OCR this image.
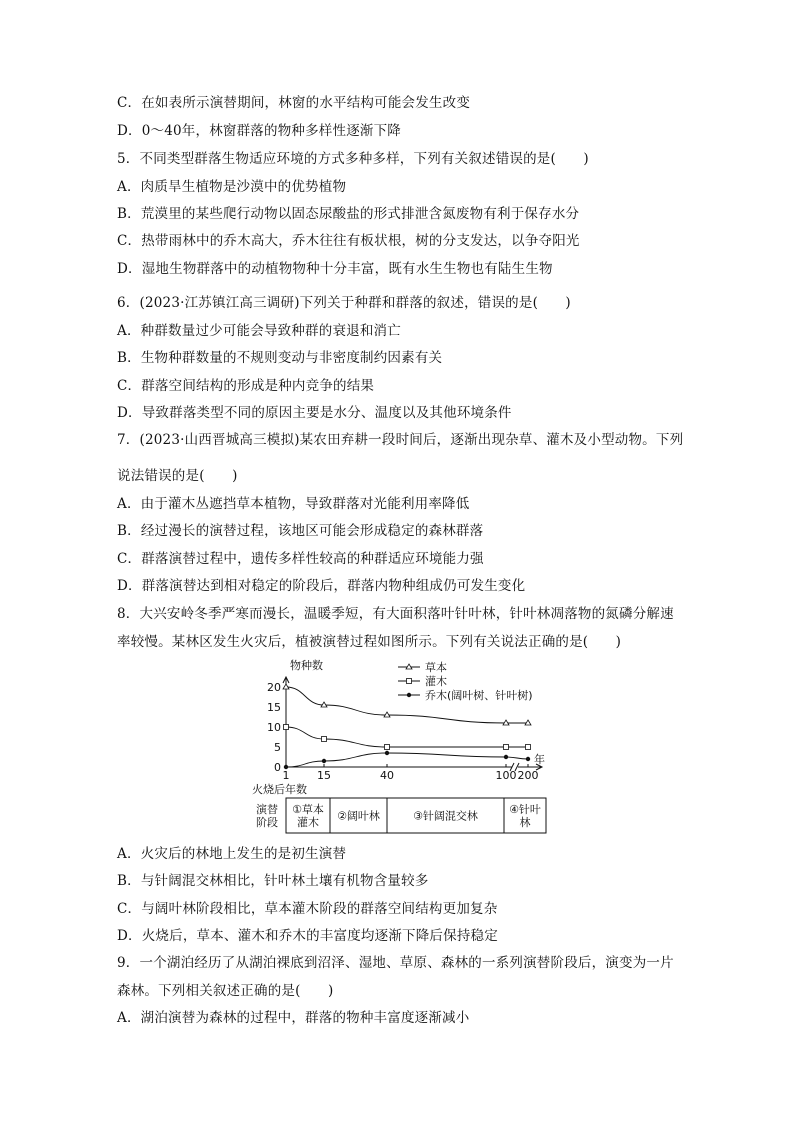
C．在如表所示演替期间，林窗的水平结构可能会发生改变
D．0～40年，林窗群落的物种多样性逐渐下降
5．不同类型群落生物适应环境的方式多种多样，下列有关叙述错误的是(　　)
A．肉质旱生植物是沙漠中的优势植物
B．荒漠里的某些爬行动物以固态尿酸盐的形式排泄含氮废物有利于保存水分
C．热带雨林中的乔木高大，乔木往往有板状根，树的分支发达，以争夺阳光
D．湿地生物群落中的动植物物种十分丰富，既有水生生物也有陆生生物
6．(2023·江苏镇江高三调研)下列关于种群和群落的叙述，错误的是(　　)
A．种群数量过少可能会导致种群的衰退和消亡
B．生物种群数量的不规则变动与非密度制约因素有关
C．群落空间结构的形成是种内竞争的结果
D．导致群落类型不同的原因主要是水分、温度以及其他环境条件
7．(2023·山西晋城高三模拟)某农田弃耕一段时间后，逐渐出现杂草、灌木及小型动物。下列
说法错误的是(　　)
A．由于灌木丛遮挡草本植物，导致群落对光能利用率降低
B．经过漫长的演替过程，该地区可能会形成稳定的森林群落
C．群落演替过程中，遗传多样性较高的种群适应环境能力强
D．群落演替达到相对稳定的阶段后，群落内物种组成仍可发生变化
8．大兴安岭冬季严寒而漫长，温暖季短，有大面积落叶针叶林，针叶林凋落物的氮磷分解速
率较慢。某林区发生火灾后，植被演替过程如图所示。下列有关说法正确的是(　　)
A．火灾后的林地上发生的是初生演替
B．与针阔混交林相比，针叶林土壤有机物含量较多
C．与阔叶林阶段相比，草本灌木阶段的群落空间结构更加复杂
D．火烧后，草本、灌木和乔木的丰富度均逐渐下降后保持稳定
9．一个湖泊经历了从湖泊裸底到沼泽、湿地、草原、森林的一系列演替阶段后，演变为一片
森林。下列相关叙述正确的是(　　)
A．湖泊演替为森林的过程中，群落的物种丰富度逐渐减小
物种数
年
火烧后年数
20
15
10
5
0
1	15	40	100 200
草本
灌木
乔木(阔叶树、针叶树)
演替阶段
①草本灌木	②阔叶林	③针阔混交林	④针叶林
